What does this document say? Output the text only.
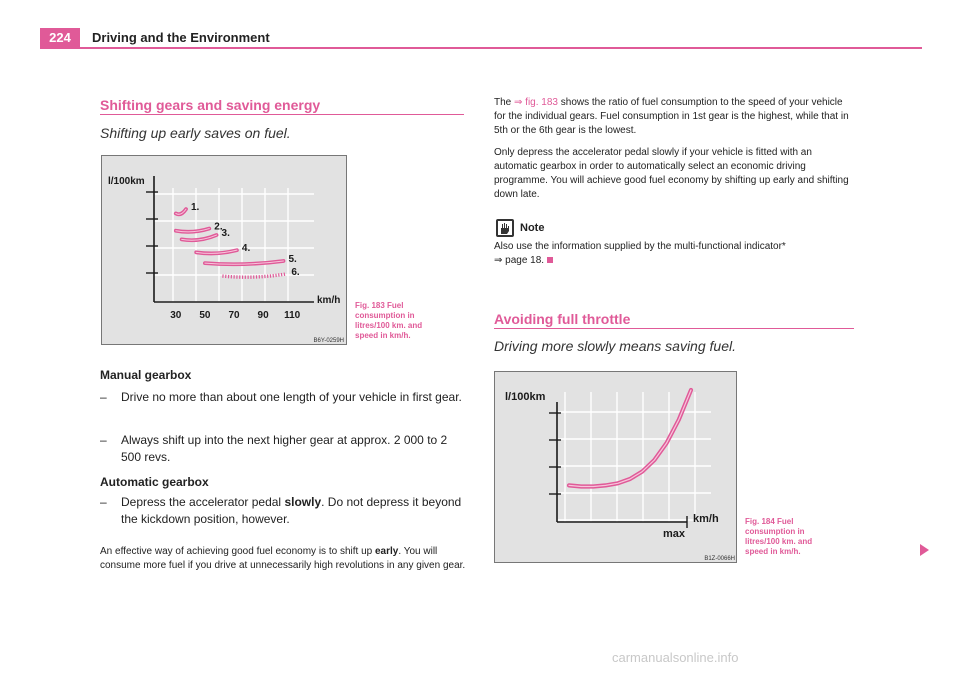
224	Driving and the Environment
Shifting gears and saving energy
Shifting up early saves on fuel.
l/100km
km/h
30 50 70 90 110
1.
2.
3.
4.
5.
6.
B6Y-0259H
Fig. 183 Fuel
consumption in
litres/100 km. and
speed in km/h.
Manual gearbox
– Drive no more than about one length of your vehicle in first gear.
– Always shift up into the next higher gear at approx. 2 000 to 2 500 revs.
Automatic gearbox
– Depress the accelerator pedal slowly. Do not depress it beyond the kickdown position, however.
An effective way of achieving good fuel economy is to shift up early. You will consume more fuel if you drive at unnecessarily high revolutions in any given gear.
The ⇒ fig. 183 shows the ratio of fuel consumption to the speed of your vehicle for the individual gears. Fuel consumption in 1st gear is the highest, while that in 5th or the 6th gear is the lowest.
Only depress the accelerator pedal slowly if your vehicle is fitted with an automatic gearbox in order to automatically select an economic driving programme. You will achieve good fuel economy by shifting up early and shifting down late.
Note
Also use the information supplied by the multi-functional indicator*
⇒ page 18.
Avoiding full throttle
Driving more slowly means saving fuel.
l/100km
km/h
max
B1Z-0066H
Fig. 184 Fuel
consumption in
litres/100 km. and
speed in km/h.
carmanualsonline.info
